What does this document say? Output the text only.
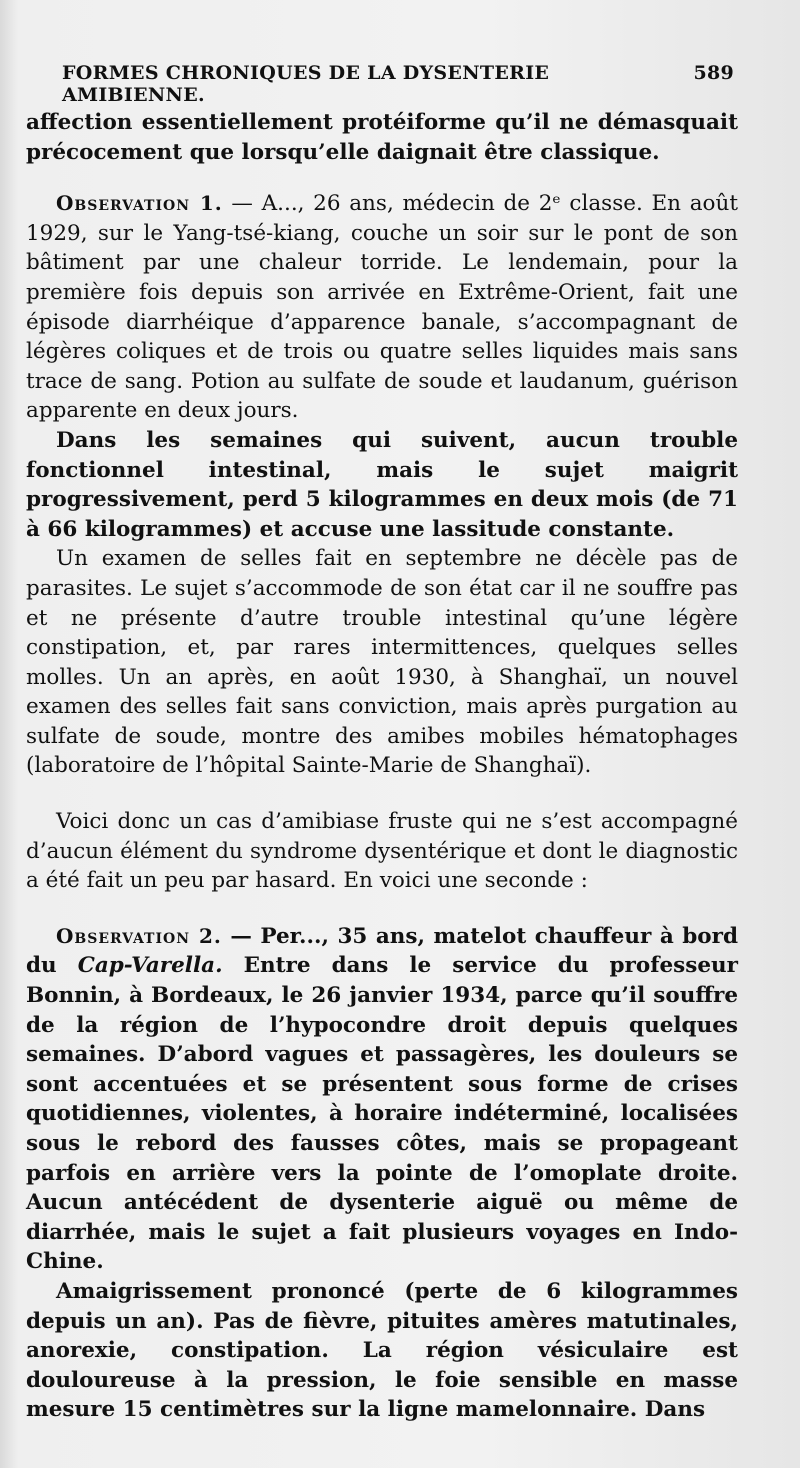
FORMES CHRONIQUES DE LA DYSENTERIE AMIBIENNE.
589

affection essentiellement protéiforme qu’il ne démasquait précocement que lorsqu’elle daignait être classique.

Observation 1. — A..., 26 ans, médecin de 2ᵉ classe. En août 1929, sur le Yang-tsé-kiang, couche un soir sur le pont de son bâtiment par une chaleur torride. Le lendemain, pour la première fois depuis son arrivée en Extrême-Orient, fait une épisode diarrhéique d’apparence banale, s’accompagnant de légères coliques et de trois ou quatre selles liquides mais sans trace de sang. Potion au sulfate de soude et laudanum, guérison apparente en deux jours.

Dans les semaines qui suivent, aucun trouble fonctionnel intestinal, mais le sujet maigrit progressivement, perd 5 kilogrammes en deux mois (de 71 à 66 kilogrammes) et accuse une lassitude constante.

Un examen de selles fait en septembre ne décèle pas de parasites. Le sujet s’accommode de son état car il ne souffre pas et ne présente d’autre trouble intestinal qu’une légère constipation, et, par rares intermittences, quelques selles molles. Un an après, en août 1930, à Shanghaï, un nouvel examen des selles fait sans conviction, mais après purgation au sulfate de soude, montre des amibes mobiles hématophages (laboratoire de l’hôpital Sainte-Marie de Shanghaï).

Voici donc un cas d’amibiase fruste qui ne s’est accompagné d’aucun élément du syndrome dysentérique et dont le diagnostic a été fait un peu par hasard. En voici une seconde :

Observation 2. — Per..., 35 ans, matelot chauffeur à bord du Cap-Varella. Entre dans le service du professeur Bonnin, à Bordeaux, le 26 janvier 1934, parce qu’il souffre de la région de l’hypocondre droit depuis quelques semaines. D’abord vagues et passagères, les douleurs se sont accentuées et se présentent sous forme de crises quotidiennes, violentes, à horaire indéterminé, localisées sous le rebord des fausses côtes, mais se propageant parfois en arrière vers la pointe de l’omoplate droite. Aucun antécédent de dysenterie aiguë ou même de diarrhée, mais le sujet a fait plusieurs voyages en Indo-Chine.

Amaigrissement prononcé (perte de 6 kilogrammes depuis un an). Pas de fièvre, pituites amères matutinales, anorexie, constipation. La région vésiculaire est douloureuse à la pression, le foie sensible en masse mesure 15 centimètres sur la ligne mamelonnaire. Dans
